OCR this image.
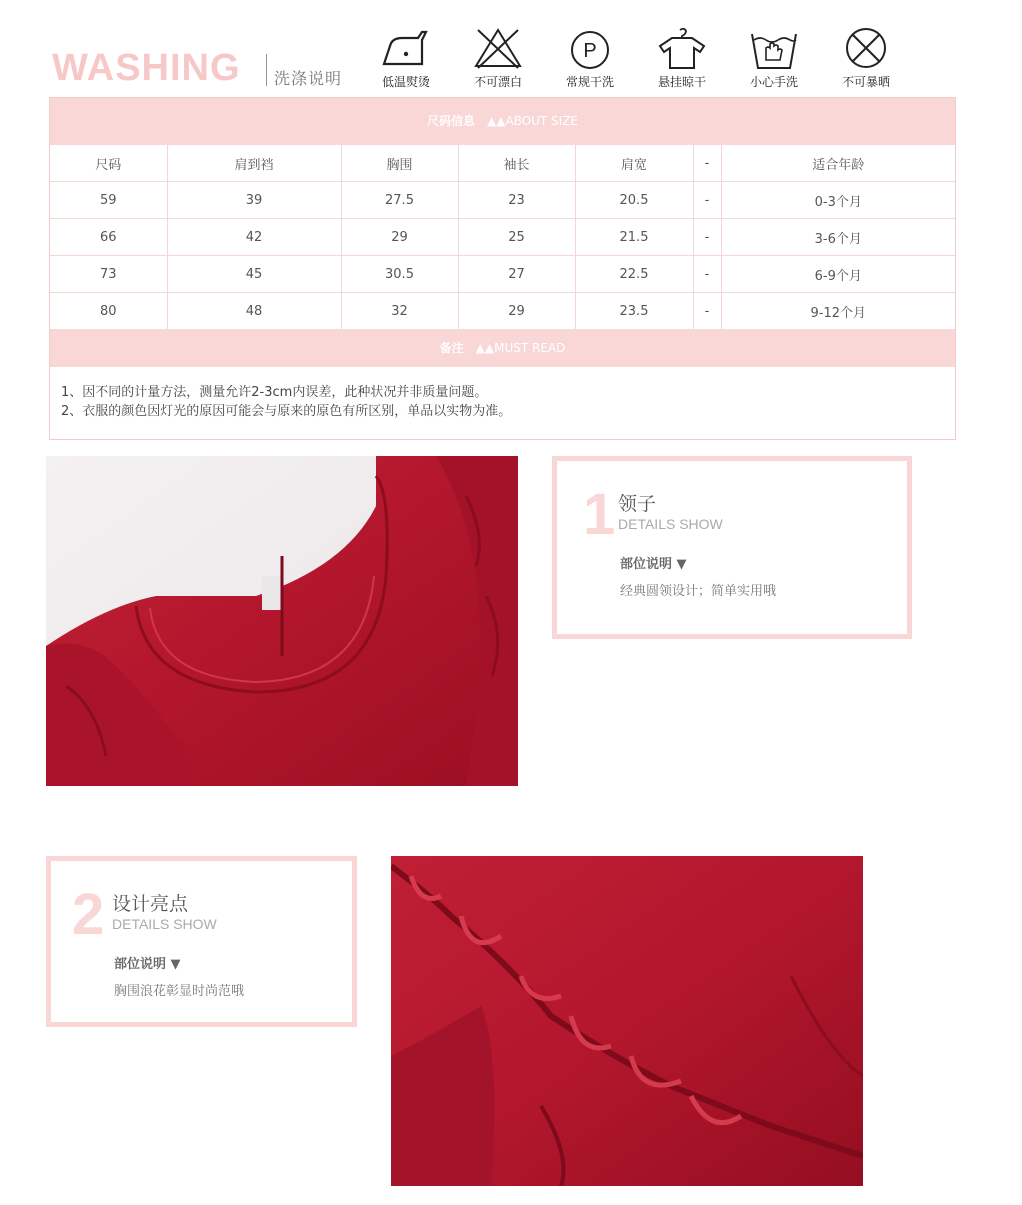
WASHING 洗涤说明	低温熨烫	不可漂白
P
常规干洗	悬挂晾干	小心手洗	不可暴晒
尺码信息 ▲▲ABOUT SIZE
尺码	肩到裆	胸围	袖长	肩宽	-	适合年龄
59	39	27.5	23	20.5	-	0-3个月
66	42	29	25	21.5	-	3-6个月
73	45	30.5	27	22.5	-	6-9个月
80	48	32	29	23.5	-	9-12个月
备注 ▲▲MUST READ
1、因不同的计量方法，测量允许2-3cm内误差，此种状况并非质量问题。
2、衣服的颜色因灯光的原因可能会与原来的原色有所区别，单品以实物为准。
1 领子
DETAILS SHOW
部位说明 ▼
经典圆领设计；简单实用哦
2 设计亮点
DETAILS SHOW
部位说明 ▼
胸围浪花彰显时尚范哦
